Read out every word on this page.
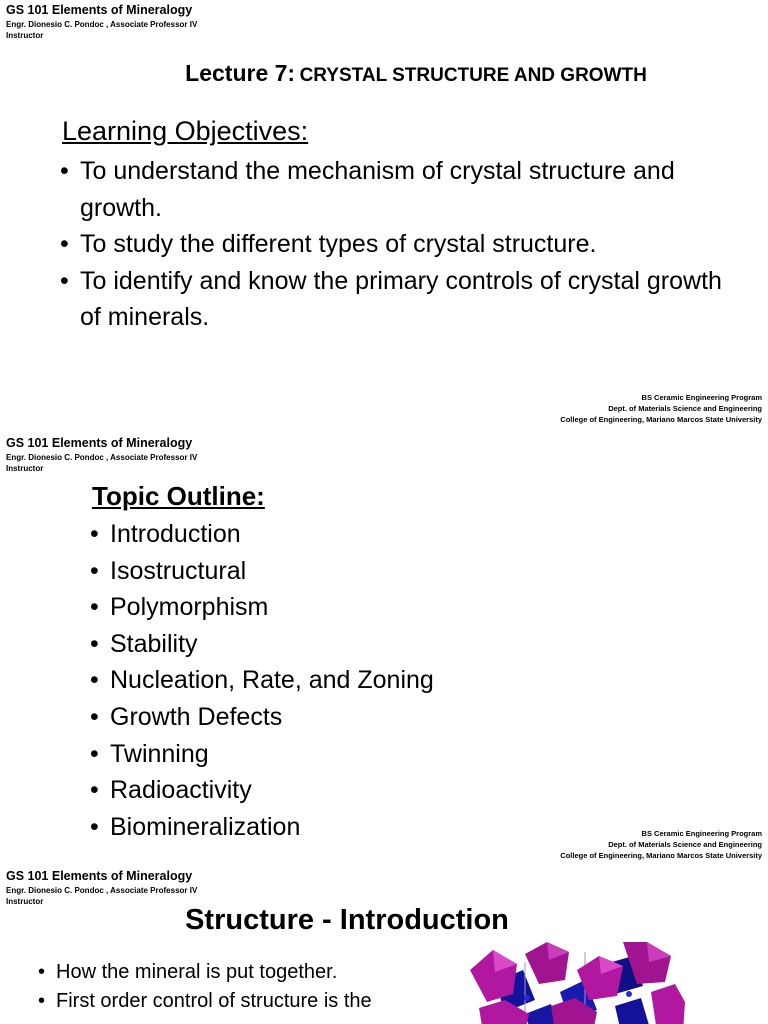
GS 101 Elements of Mineralogy
Engr. Dionesio C. Pondoc , Associate Professor IV
Instructor
Lecture 7: CRYSTAL STRUCTURE AND GROWTH
Learning Objectives:
• To understand the mechanism of crystal structure and growth.
• To study the different types of crystal structure.
• To identify and know the primary controls of crystal growth of minerals.
BS Ceramic Engineering Program
Dept. of Materials Science and Engineering
College of Engineering, Mariano Marcos State University
GS 101 Elements of Mineralogy
Engr. Dionesio C. Pondoc , Associate Professor IV
Instructor
Topic Outline:
• Introduction
• Isostructural
• Polymorphism
• Stability
• Nucleation, Rate, and Zoning
• Growth Defects
• Twinning
• Radioactivity
• Biomineralization	BS Ceramic Engineering Program
Dept. of Materials Science and Engineering
College of Engineering, Mariano Marcos State University
GS 101 Elements of Mineralogy
Engr. Dionesio C. Pondoc , Associate Professor IV
Instructor
Structure - Introduction
• How the mineral is put together.
• First order control of structure is the
